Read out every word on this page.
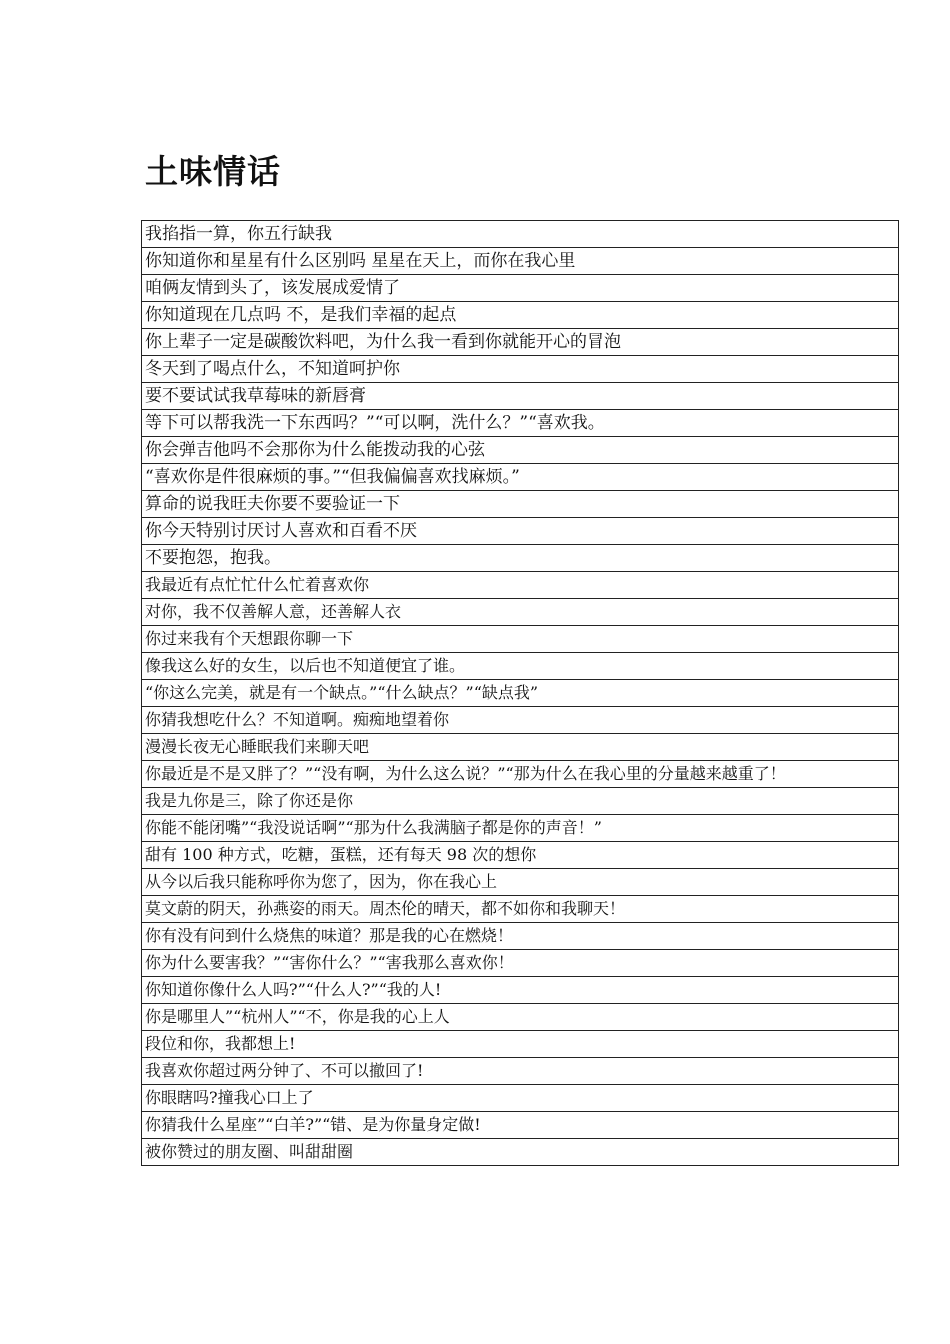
土味情话
我掐指一算，你五行缺我
你知道你和星星有什么区别吗 星星在天上，而你在我心里
咱俩友情到头了，该发展成爱情了
你知道现在几点吗 不，是我们幸福的起点
你上辈子一定是碳酸饮料吧，为什么我一看到你就能开心的冒泡
冬天到了喝点什么，不知道呵护你
要不要试试我草莓味的新唇膏
等下可以帮我洗一下东西吗？”“可以啊，洗什么？”“喜欢我。
你会弹吉他吗不会那你为什么能拨动我的心弦
“喜欢你是件很麻烦的事。”“但我偏偏喜欢找麻烦。”
算命的说我旺夫你要不要验证一下
你今天特别讨厌讨人喜欢和百看不厌
不要抱怨，抱我。
我最近有点忙忙什么忙着喜欢你
对你，我不仅善解人意，还善解人衣
你过来我有个天想跟你聊一下
像我这么好的女生，以后也不知道便宜了谁。
“你这么完美，就是有一个缺点。”“什么缺点？”“缺点我”
你猜我想吃什么？不知道啊。痴痴地望着你
漫漫长夜无心睡眠我们来聊天吧
你最近是不是又胖了？”“没有啊，为什么这么说？”“那为什么在我心里的分量越来越重了！
我是九你是三，除了你还是你
你能不能闭嘴”“我没说话啊”“那为什么我满脑子都是你的声音！”
甜有 100 种方式，吃糖，蛋糕，还有每天 98 次的想你
从今以后我只能称呼你为您了，因为，你在我心上
莫文蔚的阴天，孙燕姿的雨天。周杰伦的晴天，都不如你和我聊天！
你有没有问到什么烧焦的味道？那是我的心在燃烧！
你为什么要害我？”“害你什么？”“害我那么喜欢你！
你知道你像什么人吗?”“什么人?”“我的人!
你是哪里人”“杭州人”“不，你是我的心上人
段位和你，我都想上!
我喜欢你超过两分钟了、不可以撤回了!
你眼瞎吗?撞我心口上了
你猜我什么星座”“白羊?”“错、是为你量身定做!
被你赞过的朋友圈、叫甜甜圈
